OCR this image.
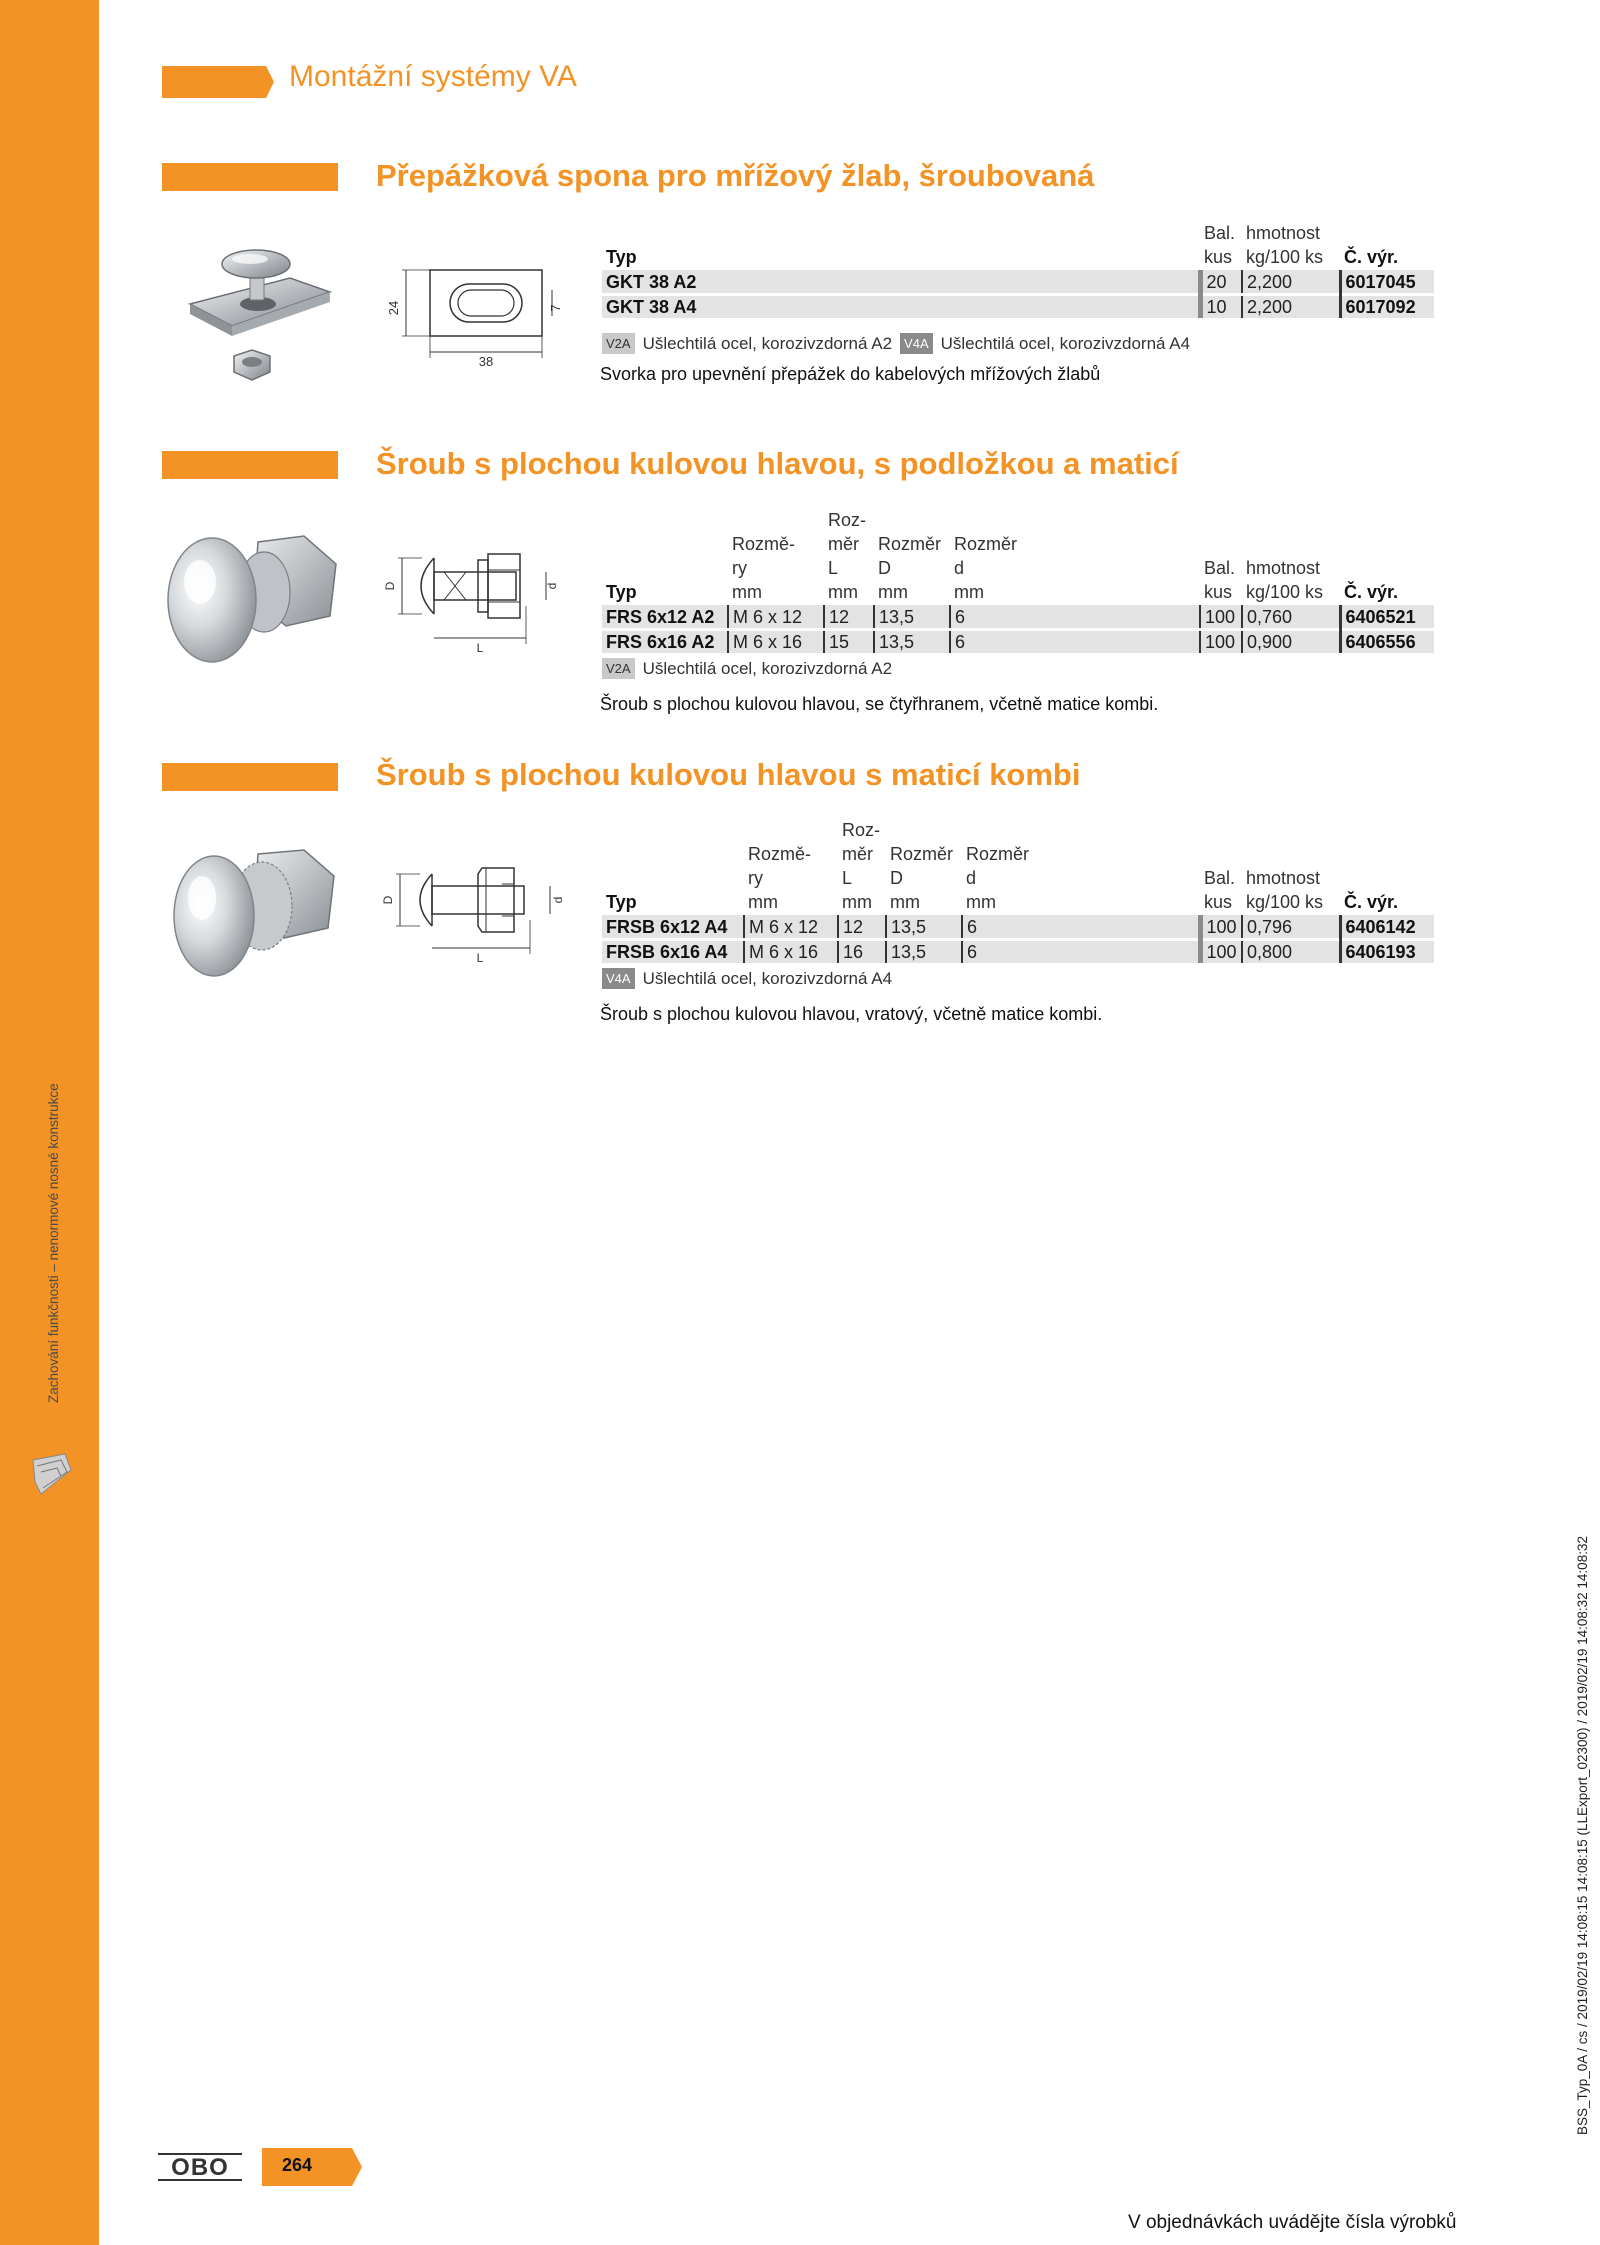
Zachování funkčnosti – nenormové nosné konstrukce
Montážní systémy VA
Přepážková spona pro mřížový žlab, šroubovaná
24	7
38
	Bal.	hmotnost	
Typ	kus	kg/100 ks	Č. výr.
GKT 38 A2	20	2,200	6017045
GKT 38 A4	10	2,200	6017092
V2A Ušlechtilá ocel, korozivzdorná A2 V4A Ušlechtilá ocel, korozivzdorná A4
Svorka pro upevnění přepážek do kabelových mřížových žlabů
Šroub s plochou kulovou hlavou, s podložkou a maticí
D	d
L
		Roz-					
	Rozmě-	měr	Rozměr	Rozměr			
	ry	L	D	d	Bal.	hmotnost	
Typ	mm	mm	mm	mm	kus	kg/100 ks	Č. výr.
FRS 6x12 A2	M 6 x 12	12	13,5	6	100	0,760	6406521
FRS 6x16 A2	M 6 x 16	15	13,5	6	100	0,900	6406556
V2A Ušlechtilá ocel, korozivzdorná A2
Šroub s plochou kulovou hlavou, se čtyřhranem, včetně matice kombi.
Šroub s plochou kulovou hlavou s maticí kombi
D	d
L
		Roz-					
	Rozmě-	měr	Rozměr	Rozměr			
	ry	L	D	d	Bal.	hmotnost	
Typ	mm	mm	mm	mm	kus	kg/100 ks	Č. výr.
FRSB 6x12 A4	M 6 x 12	12	13,5	6	100	0,796	6406142
FRSB 6x16 A4	M 6 x 16	16	13,5	6	100	0,800	6406193
V4A Ušlechtilá ocel, korozivzdorná A4
Šroub s plochou kulovou hlavou, vratový, včetně matice kombi.
OBO	264
V objednávkách uvádějte čísla výrobků
BSS_Typ_0A / cs / 2019/02/19 14:08:15 14:08:15 (LLExport_02300) / 2019/02/19 14:08:32 14:08:32
